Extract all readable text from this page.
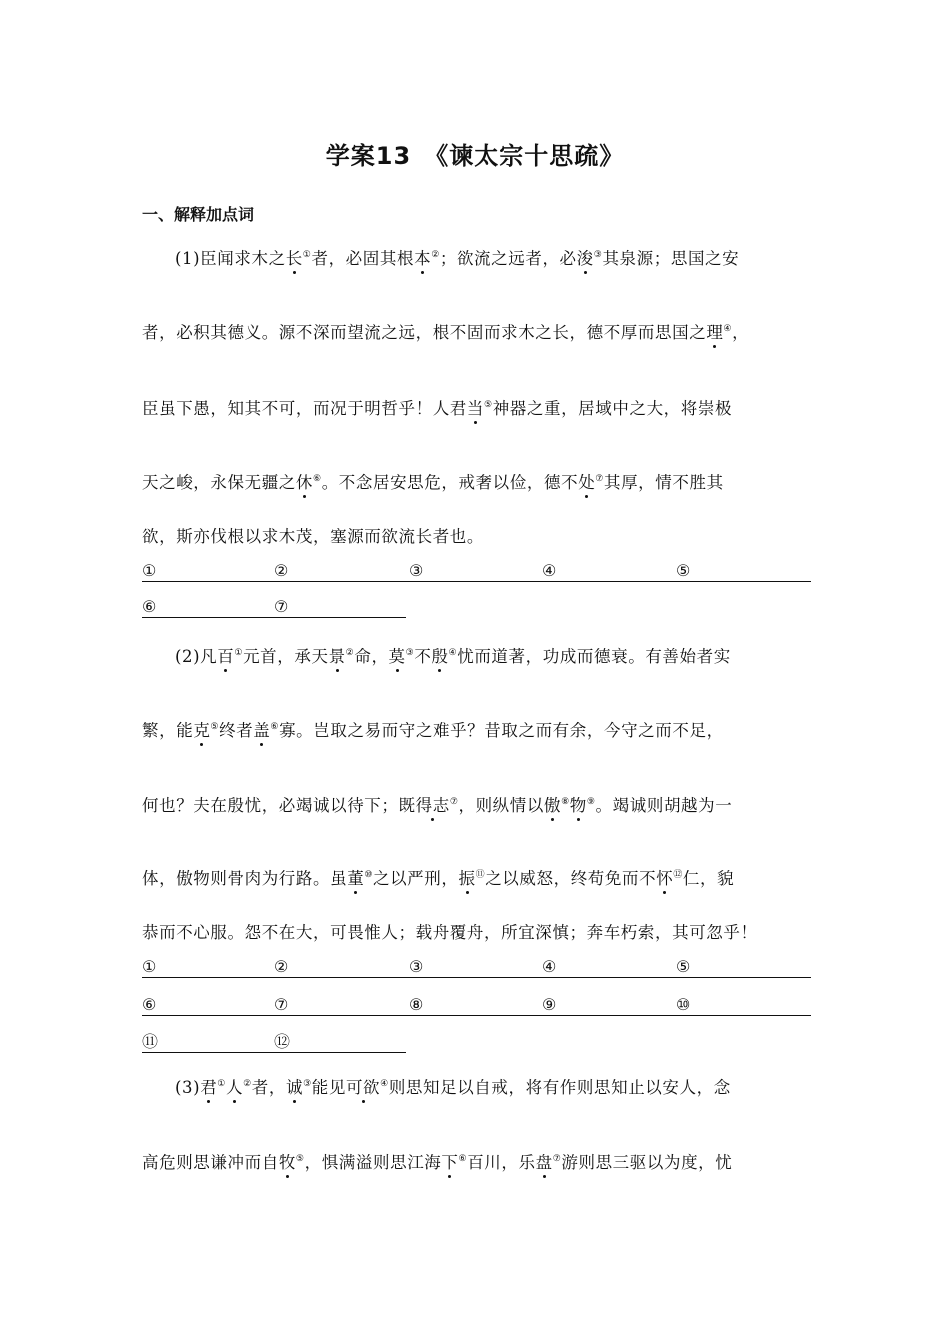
学案13　《谏太宗十思疏》
一、解释加点词
(1)臣闻求木之长①者，必固其根本②；欲流之远者，必浚③其泉源；思国之安
者，必积其德义。源不深而望流之远，根不固而求木之长，德不厚而思国之理④，
臣虽下愚，知其不可，而况于明哲乎！人君当⑤神器之重，居域中之大，将崇极
天之峻，永保无疆之休⑥。不念居安思危，戒奢以俭，德不处⑦其厚，情不胜其
欲，斯亦伐根以求木茂，塞源而欲流长者也。
①	②	③	④	⑤
⑥	⑦
(2)凡百①元首，承天景②命，莫③不殷④忧而道著，功成而德衰。有善始者实
繁，能克⑤终者盖⑥寡。岂取之易而守之难乎？昔取之而有余，今守之而不足，
何也？夫在殷忧，必竭诚以待下；既得志⑦，则纵情以傲⑧物⑨。竭诚则胡越为一
体，傲物则骨肉为行路。虽董⑩之以严刑，振⑪之以威怒，终苟免而不怀⑫仁，貌
恭而不心服。怨不在大，可畏惟人；载舟覆舟，所宜深慎；奔车朽索，其可忽乎！
①	②	③	④	⑤
⑥	⑦	⑧	⑨	⑩
⑪	⑫
(3)君①人②者，诚③能见可欲④则思知足以自戒，将有作则思知止以安人，念
高危则思谦冲而自牧⑤，惧满溢则思江海下⑥百川，乐盘⑦游则思三驱以为度，忧
